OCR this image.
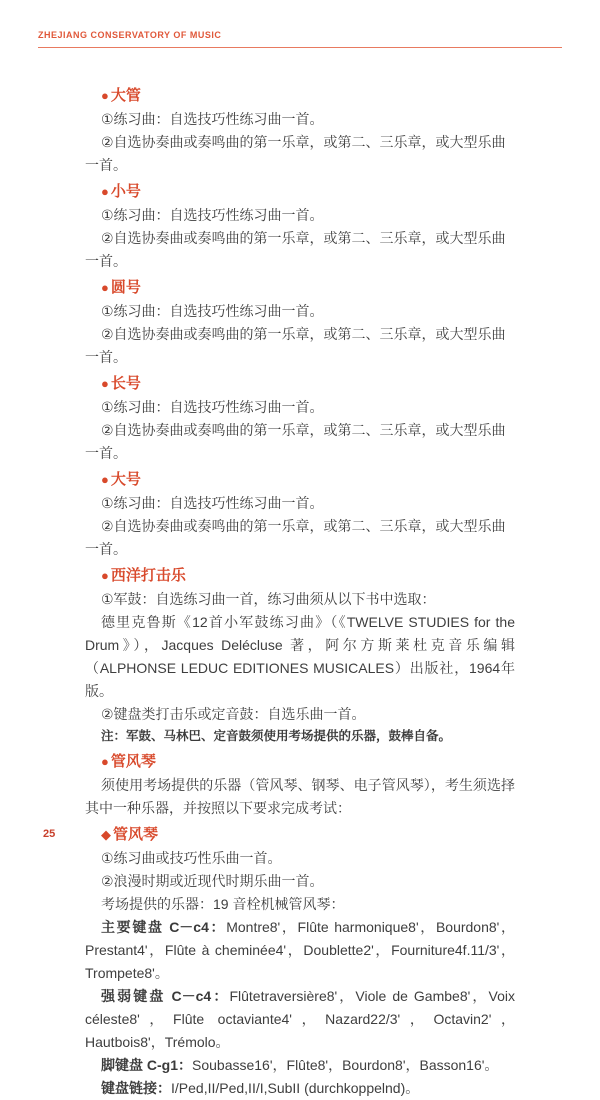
ZHEJIANG CONSERVATORY OF MUSIC
● 大管

①练习曲：自选技巧性练习曲一首。

②自选协奏曲或奏鸣曲的第一乐章，或第二、三乐章，或大型乐曲一首。

● 小号

①练习曲：自选技巧性练习曲一首。

②自选协奏曲或奏鸣曲的第一乐章，或第二、三乐章，或大型乐曲一首。

● 圆号

①练习曲：自选技巧性练习曲一首。

②自选协奏曲或奏鸣曲的第一乐章，或第二、三乐章，或大型乐曲一首。

● 长号

①练习曲：自选技巧性练习曲一首。

②自选协奏曲或奏鸣曲的第一乐章，或第二、三乐章，或大型乐曲一首。

● 大号

①练习曲：自选技巧性练习曲一首。

②自选协奏曲或奏鸣曲的第一乐章，或第二、三乐章，或大型乐曲一首。

● 西洋打击乐

①军鼓：自选练习曲一首，练习曲须从以下书中选取：

德里克鲁斯《12首小军鼓练习曲》（《TWELVE STUDIES for the Drum》），Jacques Delécluse 著，阿尔方斯莱杜克音乐编辑（ALPHONSE LEDUC EDITIONES MUSICALES）出版社，1964年版。

②键盘类打击乐或定音鼓：自选乐曲一首。

注：军鼓、马林巴、定音鼓须使用考场提供的乐器，鼓棒自备。

● 管风琴

须使用考场提供的乐器（管风琴、钢琴、电子管风琴），考生须选择其中一种乐器，并按照以下要求完成考试：

◆ 管风琴

①练习曲或技巧性乐曲一首。

②浪漫时期或近现代时期乐曲一首。

考场提供的乐器：19 音栓机械管风琴：

主要键盘 C－c4：Montre8'，Flûte harmonique8'，Bourdon8'，Prestant4'，Flûte à cheminée4'，Doublette2'，Fourniture4f.11/3'，Trompete8'。

强弱键盘 C－c4：Flûtetraversière8'，Viole de Gambe8'，Voix céleste8'，Flûte octaviante4'，Nazard22/3'，Octavin2'，Hautbois8'，Trémolo。

脚键盘 C-g1：Soubasse16'，Flûte8'，Bourdon8'，Basson16'。

键盘链接：I/Ped,II/Ped,II/I,SubII (durchkoppelnd)。

25
